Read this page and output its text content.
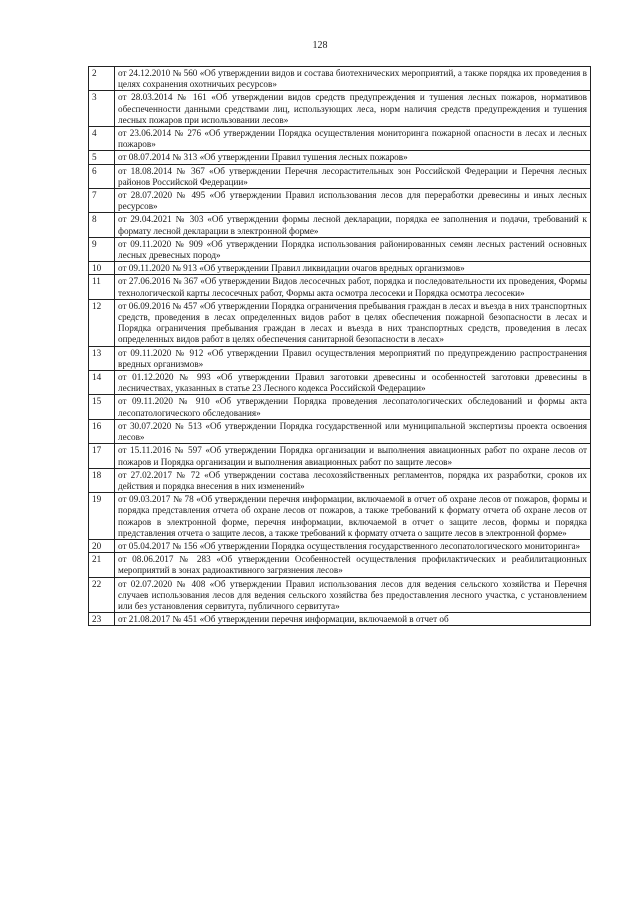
128
2	от 24.12.2010 № 560 «Об утверждении видов и состава биотехнических мероприятий, а также порядка их проведения в целях сохранения охотничьих ресурсов»
3	от 28.03.2014 № 161 «Об утверждении видов средств предупреждения и тушения лесных пожаров, нормативов обеспеченности данными средствами лиц, использующих леса, норм наличия средств предупреждения и тушения лесных пожаров при использовании лесов»
4	от 23.06.2014 № 276 «Об утверждении Порядка осуществления мониторинга пожарной опасности в лесах и лесных пожаров»
5	от 08.07.2014 № 313 «Об утверждении Правил тушения лесных пожаров»
6	от 18.08.2014 № 367 «Об утверждении Перечня лесорастительных зон Российской Федерации и Перечня лесных районов Российской Федерации»
7	от 28.07.2020 № 495 «Об утверждении Правил использования лесов для переработки древесины и иных лесных ресурсов»
8	от 29.04.2021 № 303 «Об утверждении формы лесной декларации, порядка ее заполнения и подачи, требований к формату лесной декларации в электронной форме»
9	от 09.11.2020 № 909 «Об утверждении Порядка использования районированных семян лесных растений основных лесных древесных пород»
10	от 09.11.2020 № 913 «Об утверждении Правил ликвидации очагов вредных организмов»
11	от 27.06.2016 № 367 «Об утверждении Видов лесосечных работ, порядка и последовательности их проведения, Формы технологической карты лесосечных работ, Формы акта осмотра лесосеки и Порядка осмотра лесосеки»
12	от 06.09.2016 № 457 «Об утверждении Порядка ограничения пребывания граждан в лесах и въезда в них транспортных средств, проведения в лесах определенных видов работ в целях обеспечения пожарной безопасности в лесах и Порядка ограничения пребывания граждан в лесах и въезда в них транспортных средств, проведения в лесах определенных видов работ в целях обеспечения санитарной безопасности в лесах»
13	от 09.11.2020 № 912 «Об утверждении Правил осуществления мероприятий по предупреждению распространения вредных организмов»
14	от 01.12.2020 № 993 «Об утверждении Правил заготовки древесины и особенностей заготовки древесины в лесничествах, указанных в статье 23 Лесного кодекса Российской Федерации»
15	от 09.11.2020 № 910 «Об утверждении Порядка проведения лесопатологических обследований и формы акта лесопатологического обследования»
16	от 30.07.2020 № 513 «Об утверждении Порядка государственной или муниципальной экспертизы проекта освоения лесов»
17	от 15.11.2016 № 597 «Об утверждении Порядка организации и выполнения авиационных работ по охране лесов от пожаров и Порядка организации и выполнения авиационных работ по защите лесов»
18	от 27.02.2017 № 72 «Об утверждении состава лесохозяйственных регламентов, порядка их разработки, сроков их действия и порядка внесения в них изменений»
19	от 09.03.2017 № 78 «Об утверждении перечня информации, включаемой в отчет об охране лесов от пожаров, формы и порядка представления отчета об охране лесов от пожаров, а также требований к формату отчета об охране лесов от пожаров в электронной форме, перечня информации, включаемой в отчет о защите лесов, формы и порядка представления отчета о защите лесов, а также требований к формату отчета о защите лесов в электронной форме»
20	от 05.04.2017 № 156 «Об утверждении Порядка осуществления государственного лесопатологического мониторинга»
21	от 08.06.2017 № 283 «Об утверждении Особенностей осуществления профилактических и реабилитационных мероприятий в зонах радиоактивного загрязнения лесов»
22	от 02.07.2020 № 408 «Об утверждении Правил использования лесов для ведения сельского хозяйства и Перечня случаев использования лесов для ведения сельского хозяйства без предоставления лесного участка, с установлением или без установления сервитута, публичного сервитута»
23	от 21.08.2017 № 451 «Об утверждении перечня информации, включаемой в отчет об
